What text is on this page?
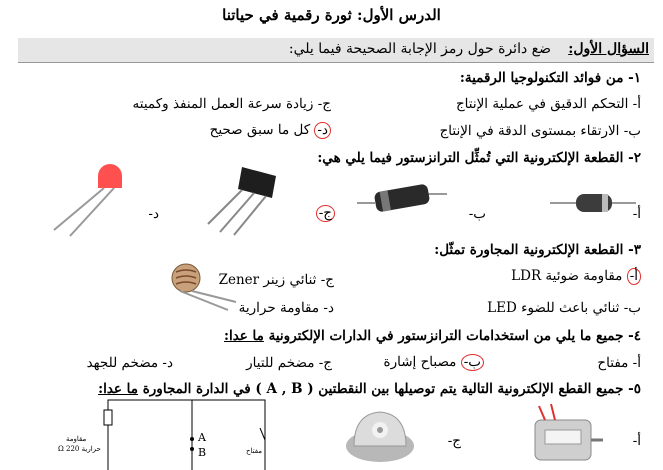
الدرس الأول: ثورة رقمية في حياتنا
السؤال الأول:
ضع دائرة حول رمز الإجابة الصحيحة فيما يلي:
١- من فوائد التكنولوجيا الرقمية:
أ- التحكم الدقيق في عملية الإنتاج
ج- زيادة سرعة العمل المنفذ وكميته
ب- الارتقاء بمستوى الدقة في الإنتاج
د- كل ما سبق صحيح
٢- القطعة الإلكترونية التي تُمثِّل الترانزستور فيما يلي هي:
أ-
ب-
ج-
د-
٣- القطعة الإلكترونية المجاورة تمثّل:
أ- مقاومة ضوئية LDR
ج- ثنائي زينر Zener
ب- ثنائي باعث للضوء LED
د- مقاومة حرارية
٤- جميع ما يلي من استخدامات الترانزستور في الدارات الإلكترونية ما عدا:
أ- مفتاح
ب- مصباح إشارة
ج- مضخم للتيار
د- مضخم للجهد
٥- جميع القطع الإلكترونية التالية يتم توصيلها بين النقطتين ( A , B ) في الدارة المجاورة ما عدا:
أ-
ج-
A
B	مفتاح
مقاومة
حرارية Ω 220
